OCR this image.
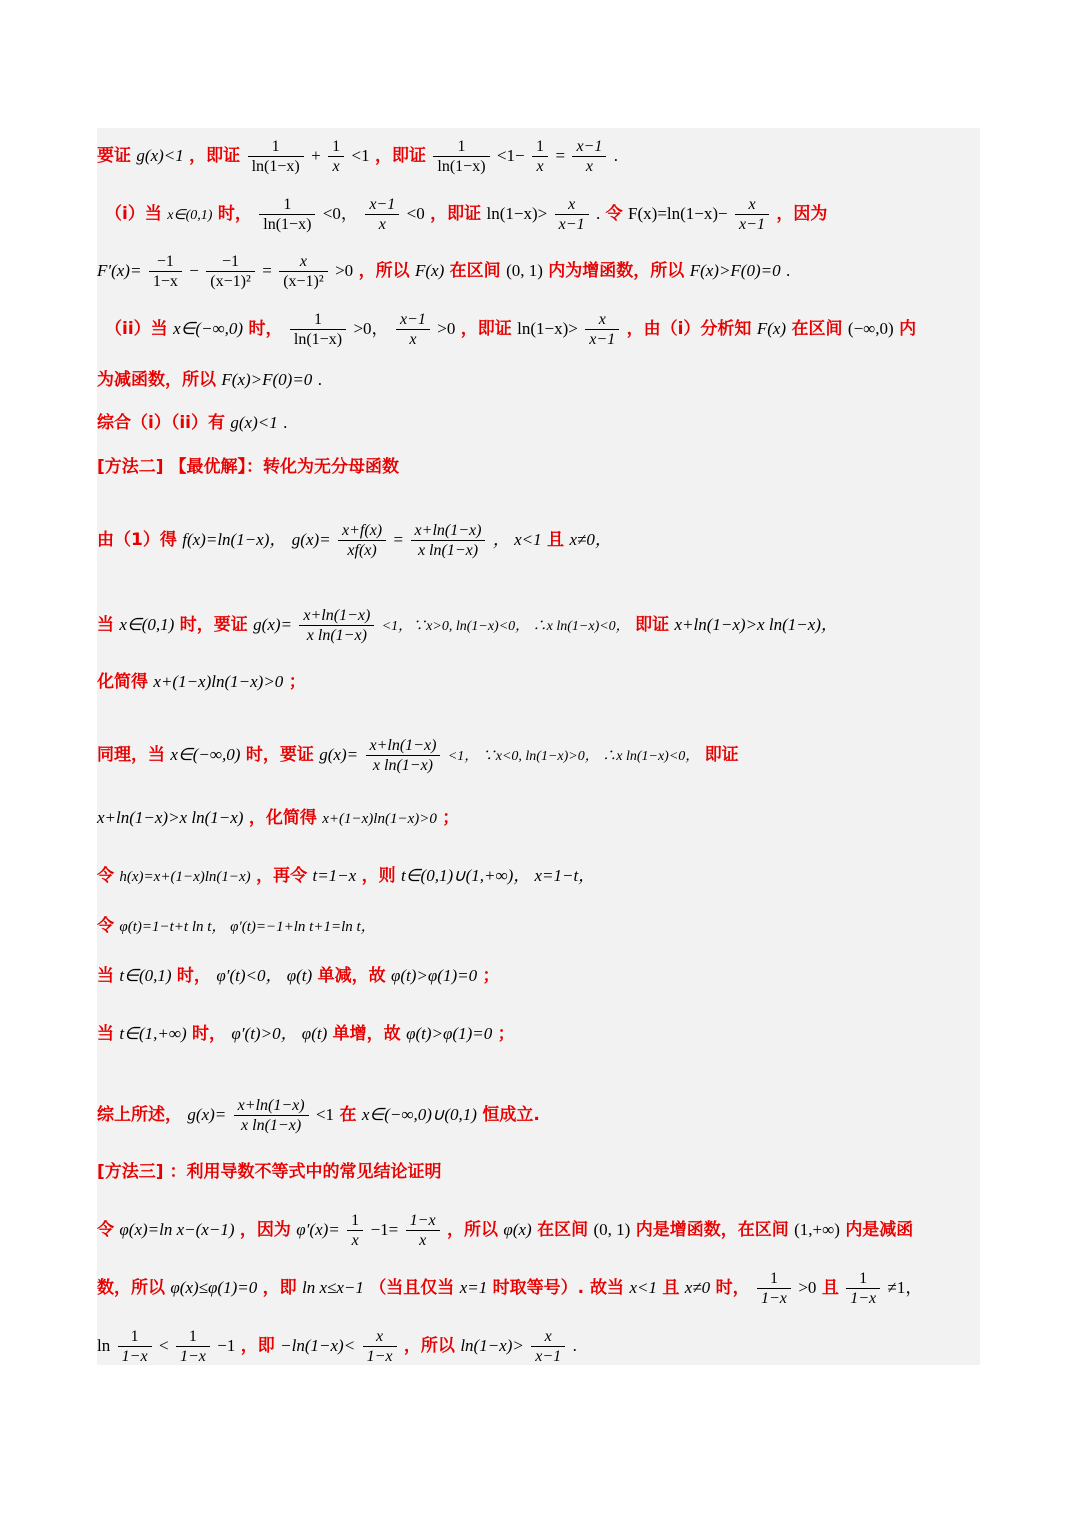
要证 g(x)<1 ，即证 $\frac{1}{\ln(1-x)} + \frac{1}{x} <1$ ，即证 $\frac{1}{\ln(1-x)} <1- \frac{1}{x} = \frac{x-1}{x}$ .
（i）当 x∈(0,1) 时， $\frac{1}{\ln(1-x)} <0$， $\frac{x-1}{x} <0$ ，即证 $\ln(1-x)> \frac{x}{x-1}$ . 令 $F(x)=\ln(1-x)- \frac{x}{x-1}$ ，因为
$F'(x)= \frac{-1}{1-x} - \frac{-1}{\text{(x−1)²}} = \frac{x}{\text{(x−1)²}} >0$ ，所以 F(x) 在区间 (0, 1) 内为增函数，所以 F(x)>F(0)=0 .
（ii）当 x∈(−∞,0) 时， $\frac{1}{\ln(1-x)} >0$， $\frac{x-1}{x} >0$ ，即证 $\ln(1-x)> \frac{x}{x-1}$ ，由（i）分析知 F(x) 在区间 (−∞,0) 内
为减函数，所以 F(x)>F(0)=0 .
综合（i）（ii）有 g(x)<1 .
[方法二] 【最优解】：转化为无分母函数
由（1）得 f(x)=ln(1−x)， $g(x)= \frac{x+f(x)}{xf(x)} = \frac{x+\ln(1-x)}{\text{x ln(1−x)}}$ ， x<1 且 x≠0，
当 x∈(0,1) 时，要证 $g(x)= \frac{x+\ln(1-x)}{\text{x ln(1−x)}} <1$，∵x>0, ln(1−x)<0， ∴x ln(1−x)<0， 即证 x+ln(1−x)>x ln(1−x)，
化简得 x+(1−x)ln(1−x)>0 ；
同理，当 x∈(−∞,0) 时，要证 $g(x)= \frac{x+\ln(1-x)}{\text{x ln(1−x)}} <1$， ∵x<0, ln(1−x)>0， ∴x ln(1−x)<0， 即证
x+ln(1−x)>x ln(1−x) ，化简得 x+(1−x)ln(1−x)>0 ；
令 h(x)=x+(1−x)ln(1−x) ，再令 t=1−x ，则 t∈(0,1)∪(1,+∞)， x=1−t，
令 φ(t)=1−t+t ln t， φ′(t)=−1+ln t+1=ln t，
当 t∈(0,1) 时， φ′(t)<0， φ(t) 单减，故 φ(t)>φ(1)=0 ；
当 t∈(1,+∞) 时， φ′(t)>0， φ(t) 单增，故 φ(t)>φ(1)=0 ；
综上所述， $g(x)= \frac{x+\ln(1-x)}{\text{x ln(1−x)}} <1$ 在 x∈(−∞,0)∪(0,1) 恒成立.
[方法三] ：利用导数不等式中的常见结论证明
令 φ(x)=ln x−(x−1) ，因为 $\varphi'(x)= \frac{1}{x} -1= \frac{1-x}{x}$ ，所以 φ(x) 在区间 (0, 1) 内是增函数，在区间 (1,+∞) 内是减函
数，所以 φ(x)≤φ(1)=0 ，即 ln x≤x−1 （当且仅当 x=1 时取等号）. 故当 x<1 且 x≠0 时， $\frac{1}{1-x} >0$ 且 $\frac{1}{1-x} \ne 1$，
$\ln \frac{1}{1-x} < \frac{1}{1-x} -1$ ，即 $-\ln(1-x)< \frac{x}{1-x}$ ，所以 $\ln(1-x)> \frac{x}{x-1}$ .
